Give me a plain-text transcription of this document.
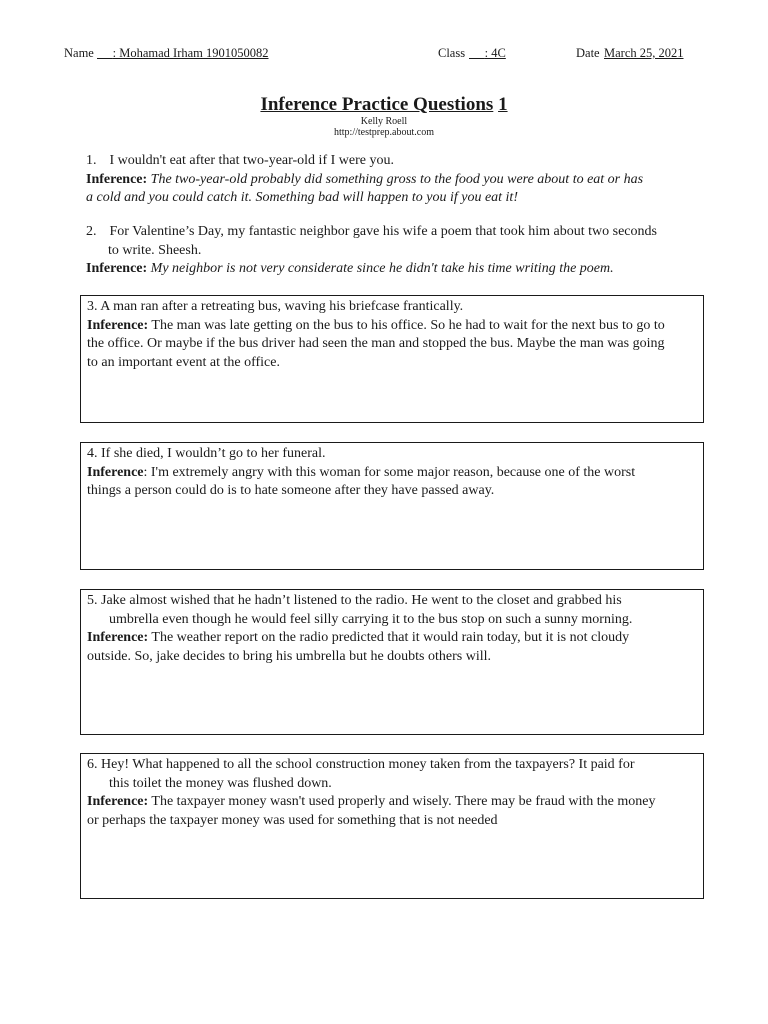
Name	: Mohamad Irham 1901050082	Class	: 4C	Date March 25, 2021
Inference Practice Questions 1
Kelly Roell
http://testprep.about.com
1. I wouldn't eat after that two-year-old if I were you.
Inference: The two-year-old probably did something gross to the food you were about to eat or has
a cold and you could catch it. Something bad will happen to you if you eat it!
2. For Valentine’s Day, my fantastic neighbor gave his wife a poem that took him about two seconds
to write. Sheesh.
Inference: My neighbor is not very considerate since he didn't take his time writing the poem.
3. A man ran after a retreating bus, waving his briefcase frantically.
Inference: The man was late getting on the bus to his office. So he had to wait for the next bus to go to
the office. Or maybe if the bus driver had seen the man and stopped the bus. Maybe the man was going
to an important event at the office.
4. If she died, I wouldn’t go to her funeral.
Inference: I'm extremely angry with this woman for some major reason, because one of the worst
things a person could do is to hate someone after they have passed away.
5. Jake almost wished that he hadn’t listened to the radio. He went to the closet and grabbed his
umbrella even though he would feel silly carrying it to the bus stop on such a sunny morning.
Inference: The weather report on the radio predicted that it would rain today, but it is not cloudy
outside. So, jake decides to bring his umbrella but he doubts others will.
6. Hey! What happened to all the school construction money taken from the taxpayers? It paid for
this toilet the money was flushed down.
Inference: The taxpayer money wasn't used properly and wisely. There may be fraud with the money
or perhaps the taxpayer money was used for something that is not needed
